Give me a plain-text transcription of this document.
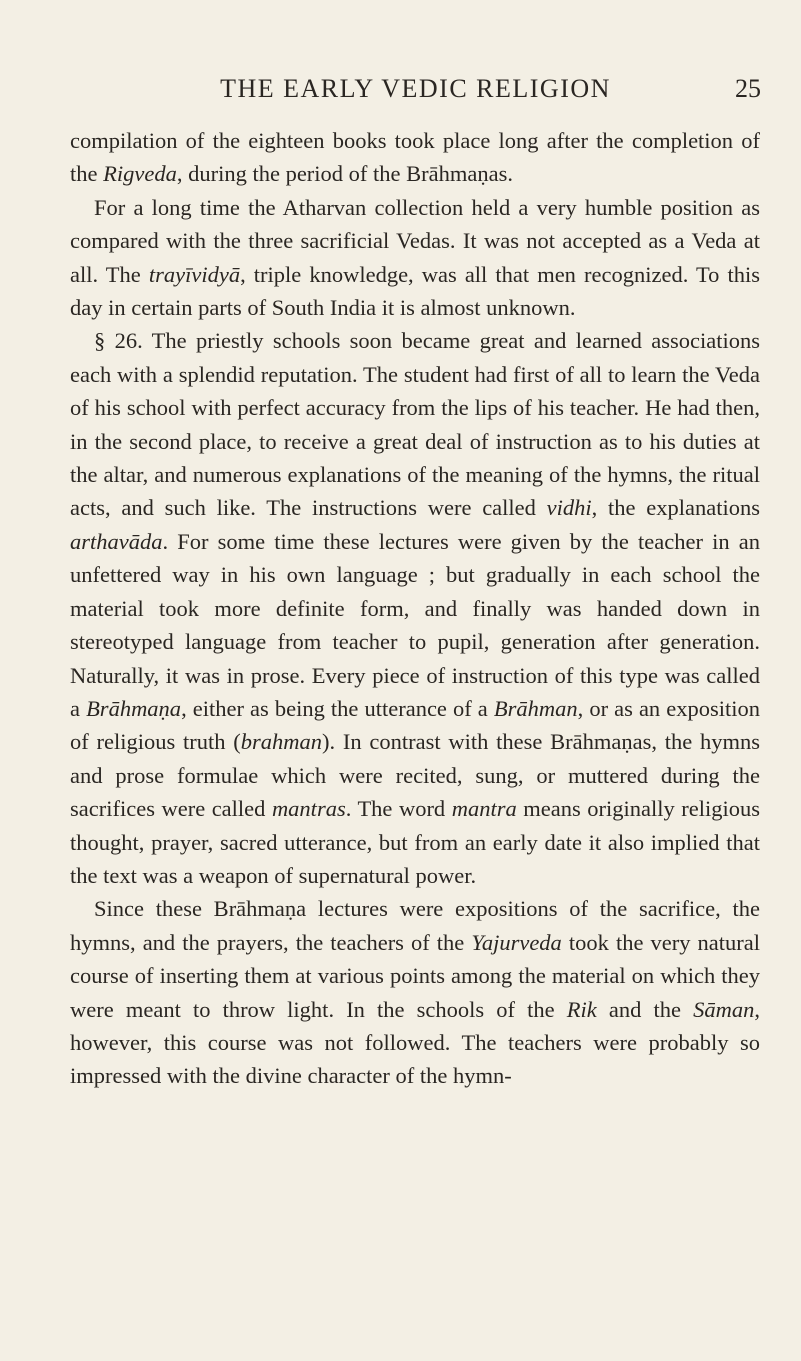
THE EARLY VEDIC RELIGION	25

compilation of the eighteen books took place long after the completion of the Rigveda, during the period of the Brāhmaṇas.

For a long time the Atharvan collection held a very humble position as compared with the three sacrificial Vedas. It was not accepted as a Veda at all. The trayīvidyā, triple knowledge, was all that men recognized. To this day in certain parts of South India it is almost unknown.

§ 26. The priestly schools soon became great and learned associations each with a splendid reputation. The student had first of all to learn the Veda of his school with perfect accuracy from the lips of his teacher. He had then, in the second place, to receive a great deal of instruction as to his duties at the altar, and numerous explanations of the meaning of the hymns, the ritual acts, and such like. The instructions were called vidhi, the explanations arthavāda. For some time these lectures were given by the teacher in an unfettered way in his own language ; but gradually in each school the material took more definite form, and finally was handed down in stereotyped language from teacher to pupil, generation after generation. Naturally, it was in prose. Every piece of instruction of this type was called a Brāhmaṇa, either as being the utterance of a Brāhman, or as an exposition of religious truth (brahman). In contrast with these Brāhmaṇas, the hymns and prose formulae which were recited, sung, or muttered during the sacrifices were called mantras. The word mantra means originally religious thought, prayer, sacred utterance, but from an early date it also implied that the text was a weapon of supernatural power.

Since these Brāhmaṇa lectures were expositions of the sacrifice, the hymns, and the prayers, the teachers of the Yajurveda took the very natural course of inserting them at various points among the material on which they were meant to throw light. In the schools of the Rik and the Sāman, however, this course was not followed. The teachers were probably so impressed with the divine character of the hymn-
